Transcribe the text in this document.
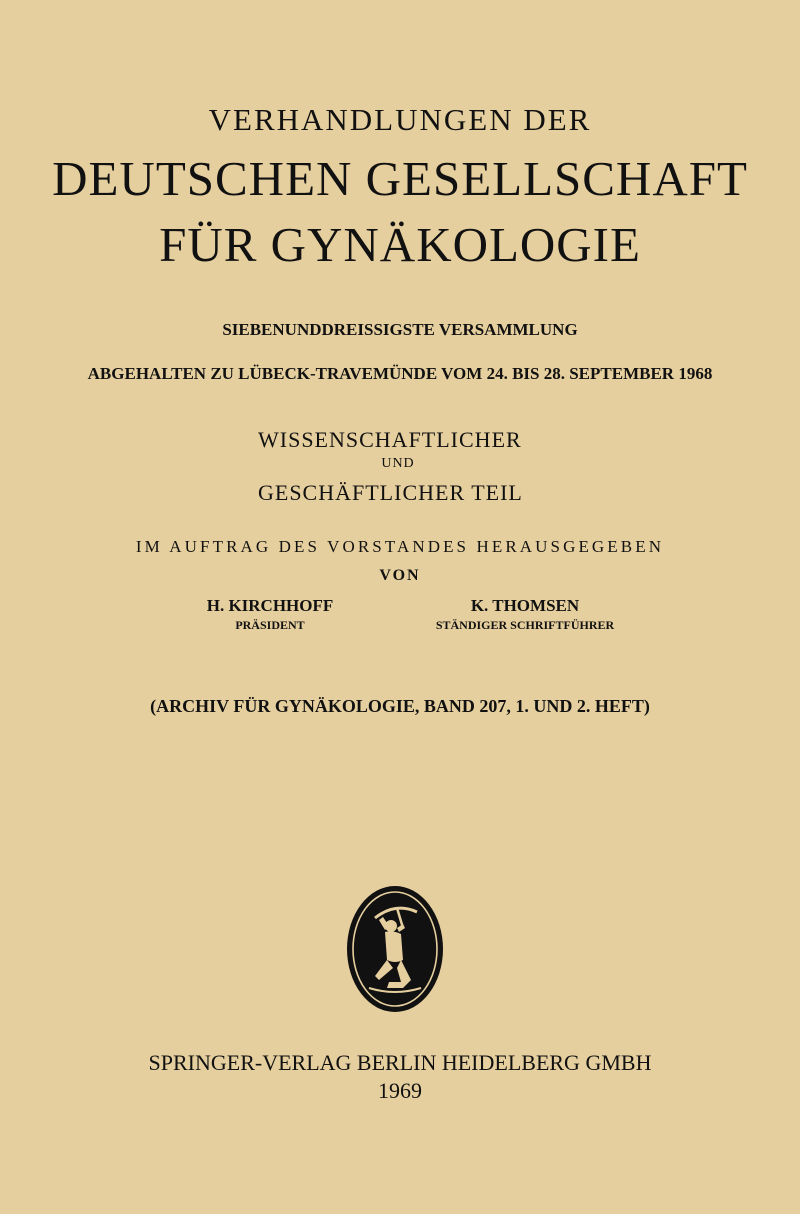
VERHANDLUNGEN DER
DEUTSCHEN GESELLSCHAFT
FÜR GYNÄKOLOGIE
SIEBENUNDDREISSIGSTE VERSAMMLUNG
ABGEHALTEN ZU LÜBECK-TRAVEMÜNDE VOM 24. BIS 28. SEPTEMBER 1968
WISSENSCHAFTLICHER
UND
GESCHÄFTLICHER TEIL
IM AUFTRAG DES VORSTANDES HERAUSGEGEBEN
VON
H. KIRCHHOFF
PRÄSIDENT
K. THOMSEN
STÄNDIGER SCHRIFTFÜHRER
(ARCHIV FÜR GYNÄKOLOGIE, BAND 207, 1. UND 2. HEFT)
SPRINGER-VERLAG BERLIN HEIDELBERG GMBH
1969
